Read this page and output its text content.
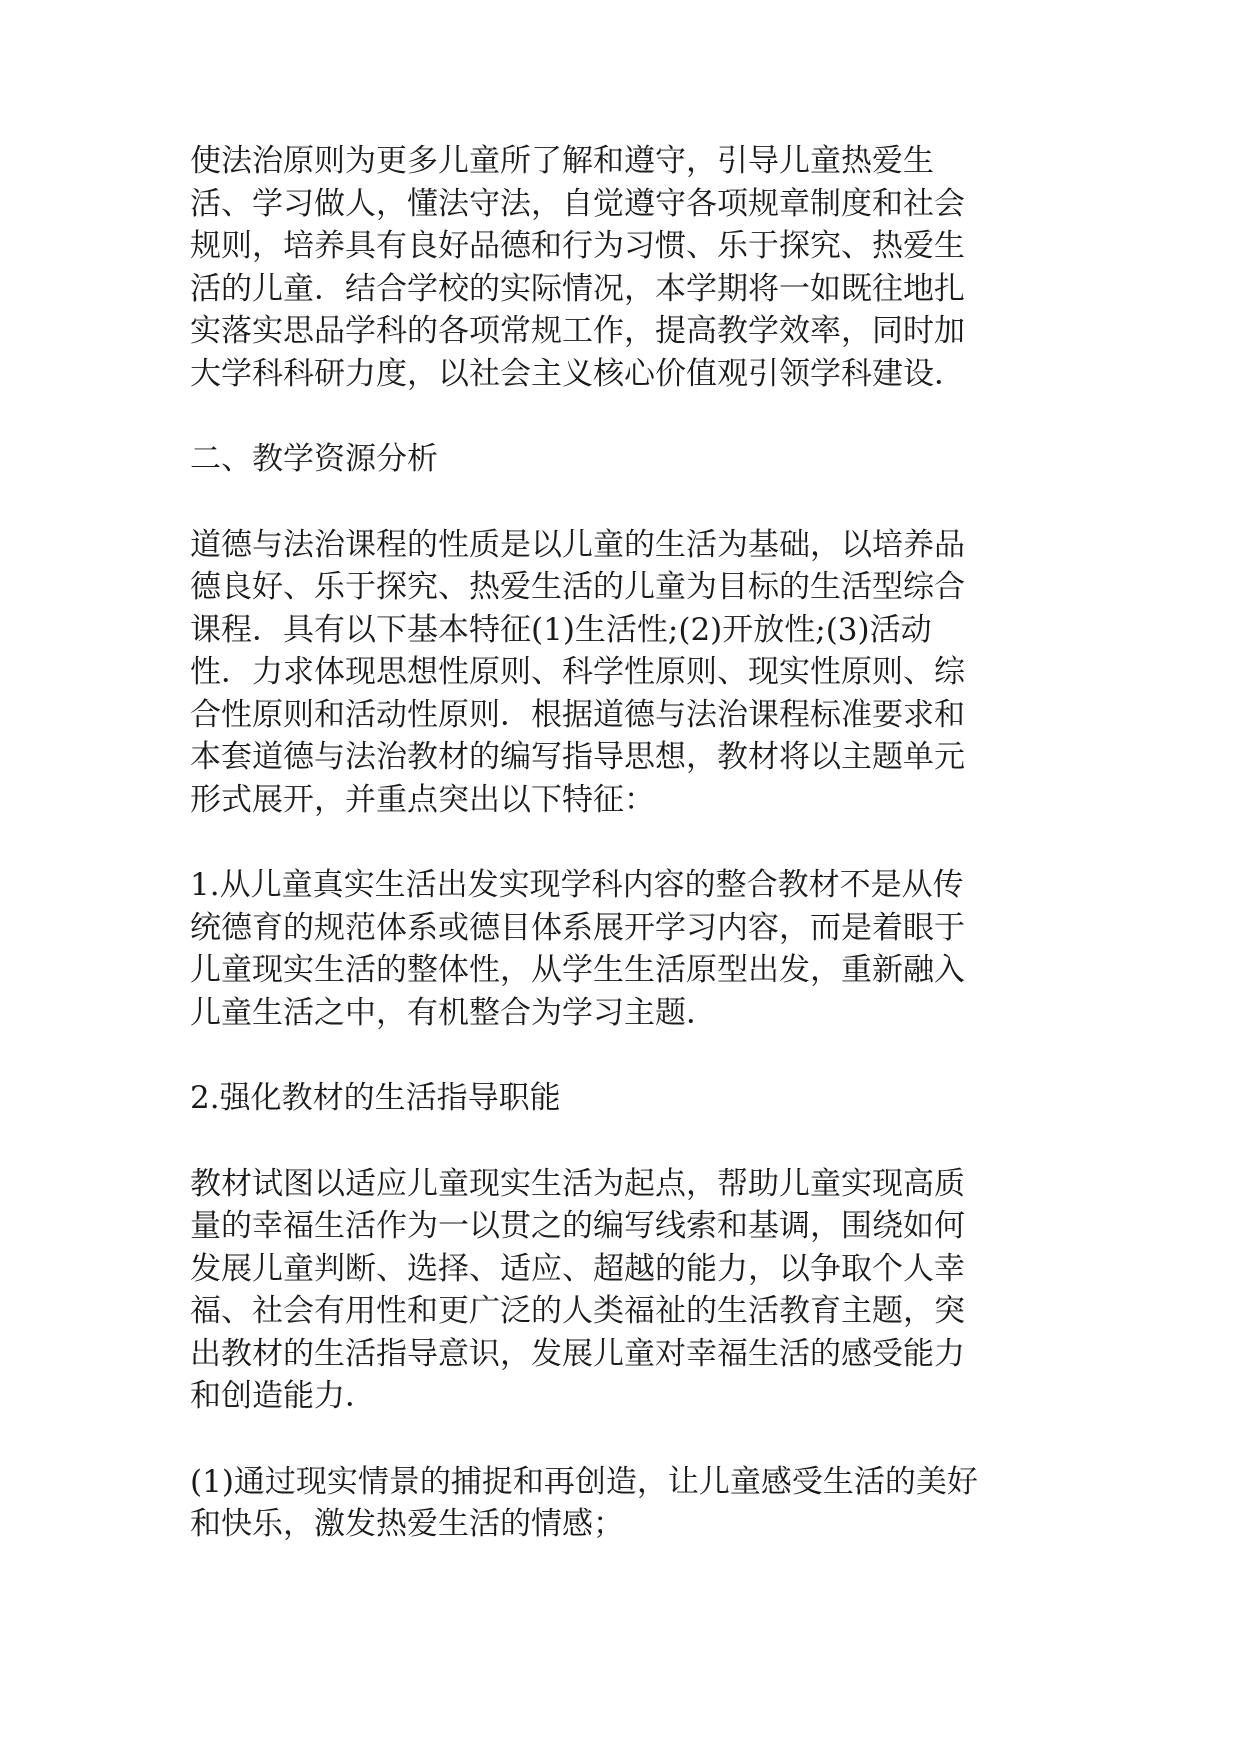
使法治原则为更多儿童所了解和遵守，引导儿童热爱生
活、学习做人，懂法守法，自觉遵守各项规章制度和社会
规则，培养具有良好品德和行为习惯、乐于探究、热爱生
活的儿童．结合学校的实际情况，本学期将一如既往地扎
实落实思品学科的各项常规工作，提高教学效率，同时加
大学科科研力度，以社会主义核心价值观引领学科建设．

二、教学资源分析

道德与法治课程的性质是以儿童的生活为基础，以培养品
德良好、乐于探究、热爱生活的儿童为目标的生活型综合
课程．具有以下基本特征(1)生活性;(2)开放性;(3)活动
性．力求体现思想性原则、科学性原则、现实性原则、综
合性原则和活动性原则．根据道德与法治课程标准要求和
本套道德与法治教材的编写指导思想，教材将以主题单元
形式展开，并重点突出以下特征：

1.从儿童真实生活出发实现学科内容的整合教材不是从传
统德育的规范体系或德目体系展开学习内容，而是着眼于
儿童现实生活的整体性，从学生生活原型出发，重新融入
儿童生活之中，有机整合为学习主题．

2.强化教材的生活指导职能

教材试图以适应儿童现实生活为起点，帮助儿童实现高质
量的幸福生活作为一以贯之的编写线索和基调，围绕如何
发展儿童判断、选择、适应、超越的能力，以争取个人幸
福、社会有用性和更广泛的人类福祉的生活教育主题，突
出教材的生活指导意识，发展儿童对幸福生活的感受能力
和创造能力．

(1)通过现实情景的捕捉和再创造，让儿童感受生活的美好
和快乐，激发热爱生活的情感；
